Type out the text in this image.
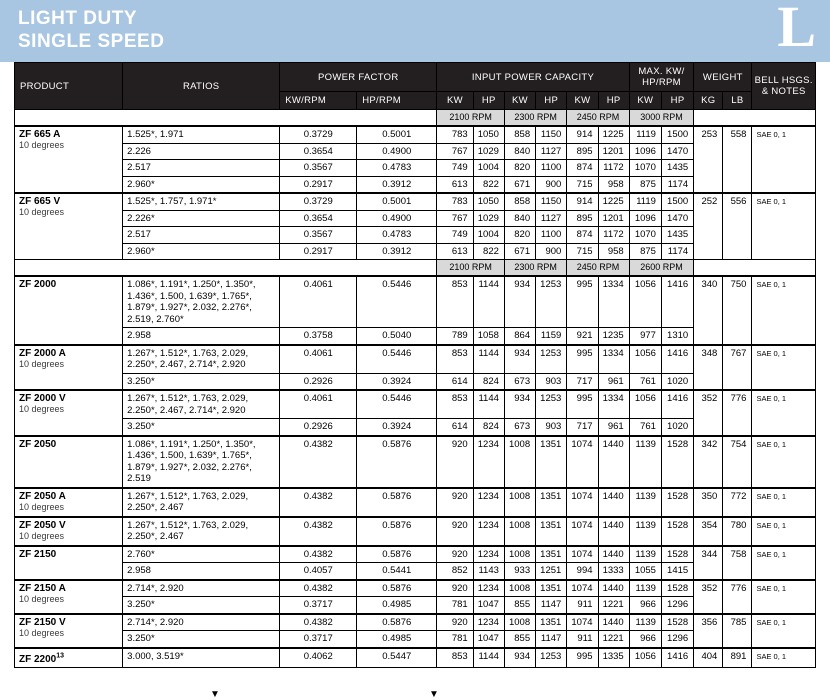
LIGHT DUTY
SINGLE SPEED	L
PRODUCT	RATIOS	POWER FACTOR		INPUT POWER CAPACITY						MAX. KW/ HP/RPM		WEIGHT		BELL HSGS. & NOTES
		KW/RPM	HP/RPM	KW	HP	KW	HP	KW	HP	KW	HP	KG	LB	
				2100 RPM		2300 RPM		2450 RPM		3000 RPM				
ZF 665 A
10 degrees	1.525*, 1.971	0.3729	0.5001	783	1050	858	1150	914	1225	1119	1500	253	558	SAE 0, 1
	2.226	0.3654	0.4900	767	1029	840	1127	895	1201	1096	1470			
	2.517	0.3567	0.4783	749	1004	820	1100	874	1172	1070	1435			
	2.960*	0.2917	0.3912	613	822	671	900	715	958	875	1174			
ZF 665 V
10 degrees	1.525*, 1.757, 1.971*	0.3729	0.5001	783	1050	858	1150	914	1225	1119	1500	252	556	SAE 0, 1
	2.226*	0.3654	0.4900	767	1029	840	1127	895	1201	1096	1470			
	2.517	0.3567	0.4783	749	1004	820	1100	874	1172	1070	1435			
	2.960*	0.2917	0.3912	613	822	671	900	715	958	875	1174			
				2100 RPM		2300 RPM		2450 RPM		2600 RPM				
ZF 2000	1.086*, 1.191*, 1.250*, 1.350*, 1.436*, 1.500, 1.639*, 1.765*, 1.879*, 1.927*, 2.032, 2.276*, 2.519, 2.760*	0.4061	0.5446	853	1144	934	1253	995	1334	1056	1416	340	750	SAE 0, 1
	2.958	0.3758	0.5040	789	1058	864	1159	921	1235	977	1310			
ZF 2000 A
10 degrees	1.267*, 1.512*, 1.763, 2.029, 2.250*, 2.467, 2.714*, 2.920	0.4061	0.5446	853	1144	934	1253	995	1334	1056	1416	348	767	SAE 0, 1
	3.250*	0.2926	0.3924	614	824	673	903	717	961	761	1020			
ZF 2000 V
10 degrees	1.267*, 1.512*, 1.763, 2.029, 2.250*, 2.467, 2.714*, 2.920	0.4061	0.5446	853	1144	934	1253	995	1334	1056	1416	352	776	SAE 0, 1
	3.250*	0.2926	0.3924	614	824	673	903	717	961	761	1020			
ZF 2050	1.086*, 1.191*, 1.250*, 1.350*, 1.436*, 1.500, 1.639*, 1.765*, 1.879*, 1.927*, 2.032, 2.276*, 2.519	0.4382	0.5876	920	1234	1008	1351	1074	1440	1139	1528	342	754	SAE 0, 1
ZF 2050 A
10 degrees	1.267*, 1.512*, 1.763, 2.029, 2.250*, 2.467	0.4382	0.5876	920	1234	1008	1351	1074	1440	1139	1528	350	772	SAE 0, 1
ZF 2050 V
10 degrees	1.267*, 1.512*, 1.763, 2.029, 2.250*, 2.467	0.4382	0.5876	920	1234	1008	1351	1074	1440	1139	1528	354	780	SAE 0, 1
ZF 2150	2.760*	0.4382	0.5876	920	1234	1008	1351	1074	1440	1139	1528	344	758	SAE 0, 1
	2.958	0.4057	0.5441	852	1143	933	1251	994	1333	1055	1415			
ZF 2150 A
10 degrees	2.714*, 2.920	0.4382	0.5876	920	1234	1008	1351	1074	1440	1139	1528	352	776	SAE 0, 1
	3.250*	0.3717	0.4985	781	1047	855	1147	911	1221	966	1296			
ZF 2150 V
10 degrees	2.714*, 2.920	0.4382	0.5876	920	1234	1008	1351	1074	1440	1139	1528	356	785	SAE 0, 1
	3.250*	0.3717	0.4985	781	1047	855	1147	911	1221	966	1296			
ZF 2200$^{13}$	3.000, 3.519*	0.4062	0.5447	853	1144	934	1253	995	1335	1056	1416	404	891	SAE 0, 1
▼	▼
